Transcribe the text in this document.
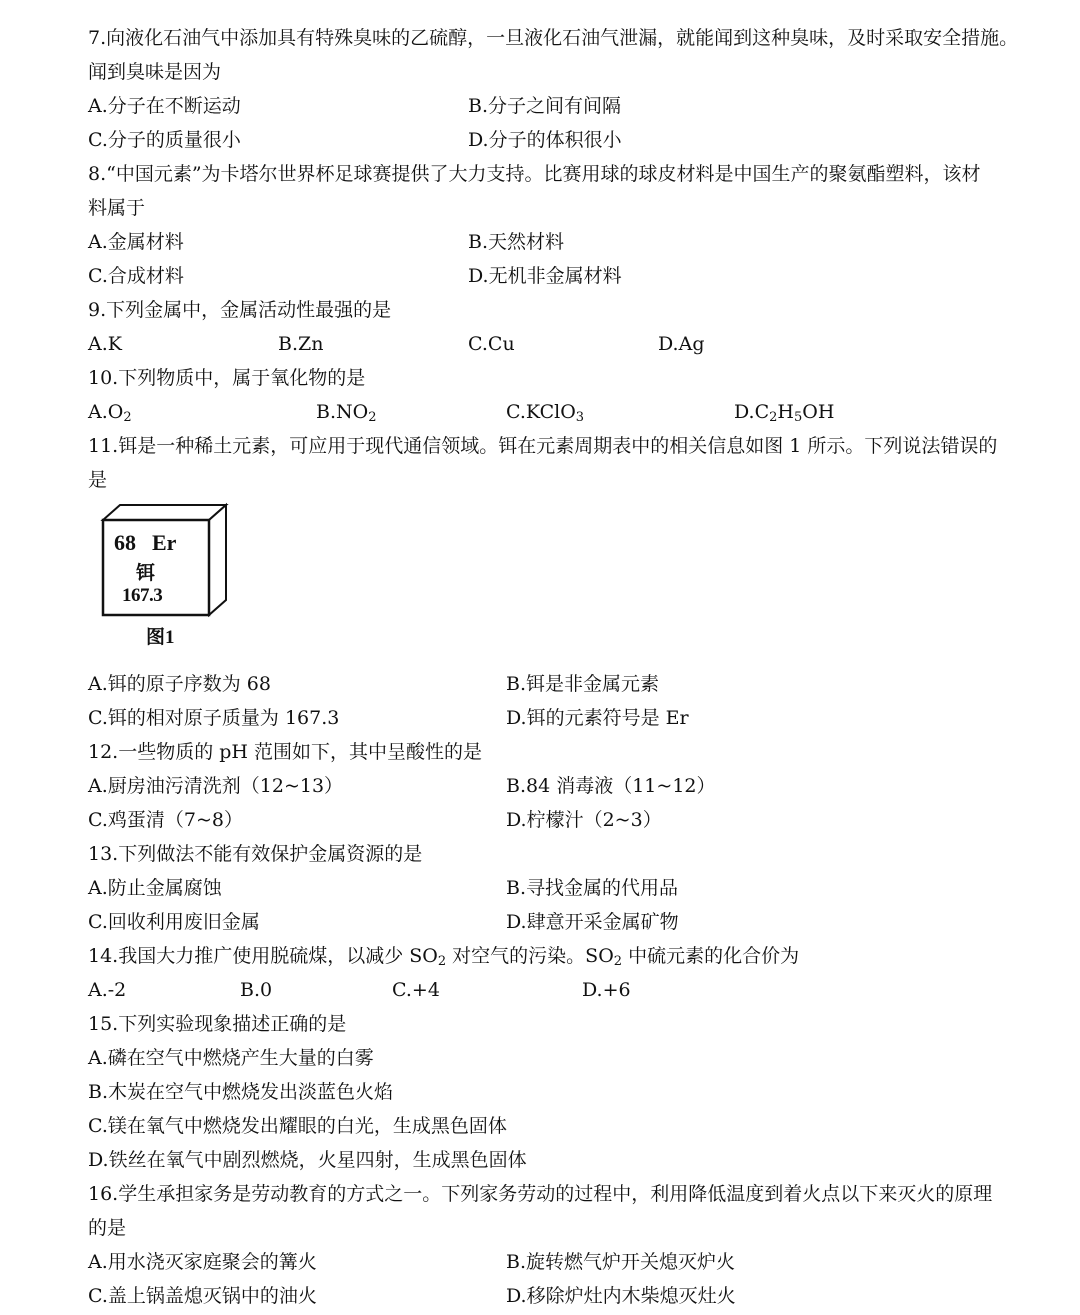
7.向液化石油气中添加具有特殊臭味的乙硫醇，一旦液化石油气泄漏，就能闻到这种臭味，及时采取安全措施。
闻到臭味是因为
A.分子在不断运动	B.分子之间有间隔
C.分子的质量很小	D.分子的体积很小
8.“中国元素”为卡塔尔世界杯足球赛提供了大力支持。比赛用球的球皮材料是中国生产的聚氨酯塑料，该材
料属于
A.金属材料	B.天然材料
C.合成材料	D.无机非金属材料
9.下列金属中，金属活动性最强的是
A.K	B.Zn	C.Cu	D.Ag
10.下列物质中，属于氧化物的是
$A.O_2$	$B.NO_2$	C.KClO$_3$	$D.C_2H_5OH$
11.铒是一种稀土元素，可应用于现代通信领域。铒在元素周期表中的相关信息如图 1 所示。下列说法错误的
是
68 Er
铒
167.3
图1
A.铒的原子序数为 68	B.铒是非金属元素
C.铒的相对原子质量为 167.3	D.铒的元素符号是 Er
12.一些物质的 pH 范围如下，其中呈酸性的是
A.厨房油污清洗剂（12~13）	B.84 消毒液（11~12）
C.鸡蛋清（7~8）	D.柠檬汁（2~3）
13.下列做法不能有效保护金属资源的是
A.防止金属腐蚀	B.寻找金属的代用品
C.回收利用废旧金属	D.肆意开采金属矿物
14.我国大力推广使用脱硫煤，以减少 $SO_2$ 对空气的污染。$SO_2$ 中硫元素的化合价为
A.-2	B.0	C.+4	D.+6
15.下列实验现象描述正确的是
A.磷在空气中燃烧产生大量的白雾
B.木炭在空气中燃烧发出淡蓝色火焰
C.镁在氧气中燃烧发出耀眼的白光，生成黑色固体
D.铁丝在氧气中剧烈燃烧，火星四射，生成黑色固体
16.学生承担家务是劳动教育的方式之一。下列家务劳动的过程中，利用降低温度到着火点以下来灭火的原理
的是
A.用水浇灭家庭聚会的篝火	B.旋转燃气炉开关熄灭炉火
C.盖上锅盖熄灭锅中的油火	D.移除炉灶内木柴熄灭灶火
